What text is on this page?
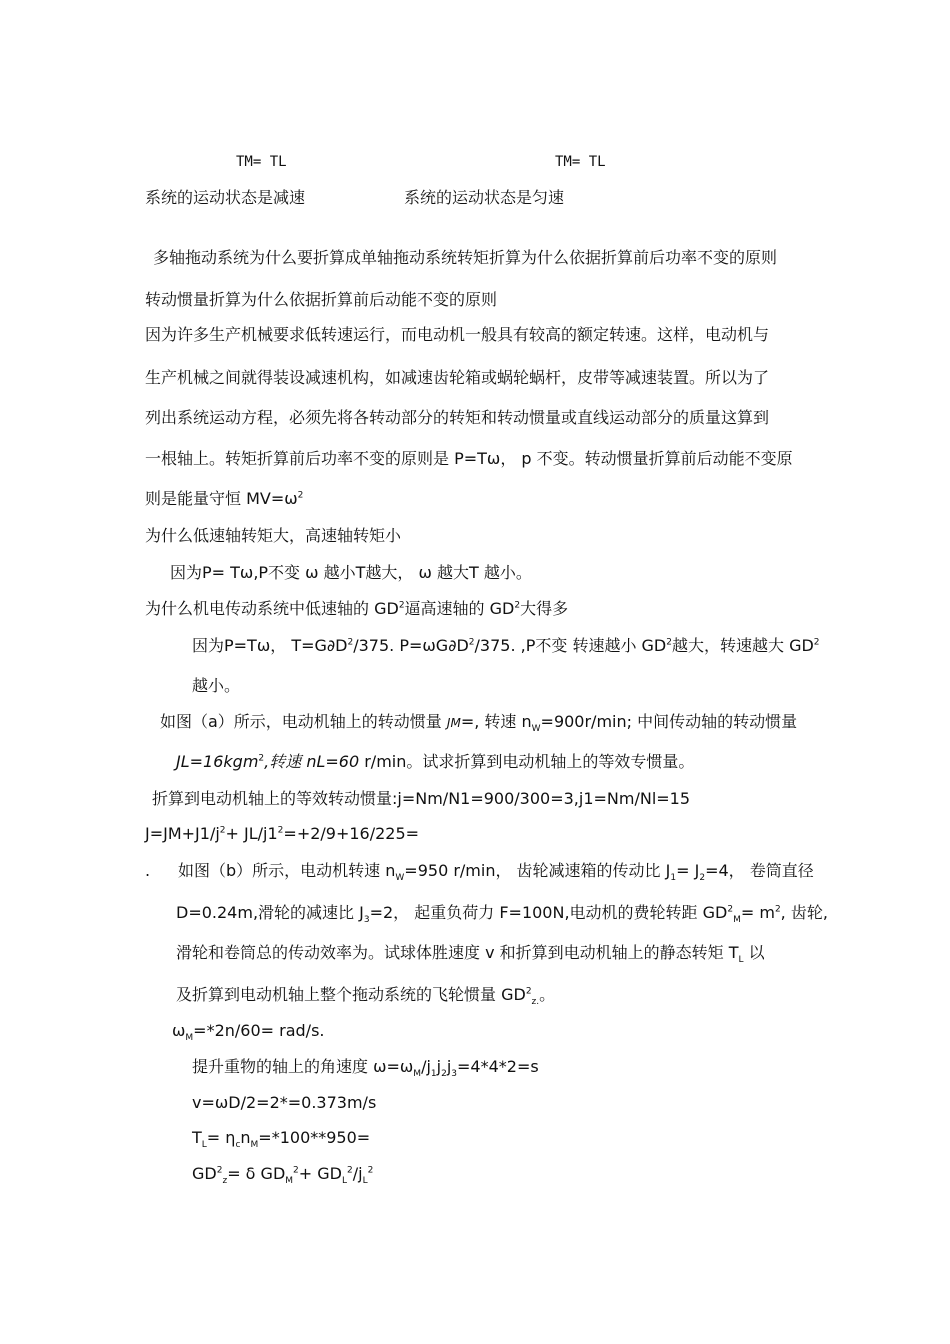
TM= TL	TM= TL
系统的运动状态是减速	系统的运动状态是匀速
多轴拖动系统为什么要折算成单轴拖动系统转矩折算为什么依据折算前后功率不变的原则
转动惯量折算为什么依据折算前后动能不变的原则
因为许多生产机械要求低转速运行，而电动机一般具有较高的额定转速。这样，电动机与
生产机械之间就得装设减速机构，如减速齿轮箱或蜗轮蜗杆，皮带等减速装置。所以为了
列出系统运动方程，必须先将各转动部分的转矩和转动惯量或直线运动部分的质量这算到
一根轴上。转矩折算前后功率不变的原则是 P=Tω， p 不变。转动惯量折算前后动能不变原
则是能量守恒 $MV=\omega^2$
为什么低速轴转矩大，高速轴转矩小
因为P= Tω,P不变 ω 越小T越大， ω 越大T 越小。
为什么机电传动系统中低速轴的 $GD^2$逼高速轴的 $GD^2$大得多
因为P=Tω， $T=G\partial D^2/375$. $P=\omega G\partial D^2/375$. ,P不变 转速越小 $GD^2$越大，转速越大 $GD^2$
越小。
如图（a）所示，电动机轴上的转动惯量 JM=, 转速 $n_W=900r/\min$; 中间传动轴的转动惯量
JL=16kgm$^2$,转速 nL=60 r/min。试求折算到电动机轴上的等效专惯量。
折算到电动机轴上的等效转动惯量:j=Nm/N1=900/300=3,j1=Nm/Nl=15
$J=JM+J1/j^2+ JL/j1^2=+2/9+16/225=$
. 如图（b）所示，电动机转速 $n_W=950$ r/min， 齿轮减速箱的传动比 $J_1= J_2=4$， 卷筒直径
D=0.24m,滑轮的减速比 $J_3=2$， 起重负荷力 F=100N,电动机的费轮转距 $GD^2_M= m^2$, 齿轮,
滑轮和卷筒总的传动效率为。试球体胜速度 v 和折算到电动机轴上的静态转矩 $T_L$ 以
及折算到电动机轴上整个拖动系统的飞轮惯量 $GD^2_{z.}$。
$\omega_M=*2n/60= rad/s$.
提升重物的轴上的角速度 $\omega=\omega_M/j_1j_2j_3=4*4*2=s$
v=ωD/2=2*=0.373m/s
$T_L= \eta_cn_M=*100**950=$
$GD^2_z= \delta$ $GD_M^2+ GD_L^2/j_L^2$
